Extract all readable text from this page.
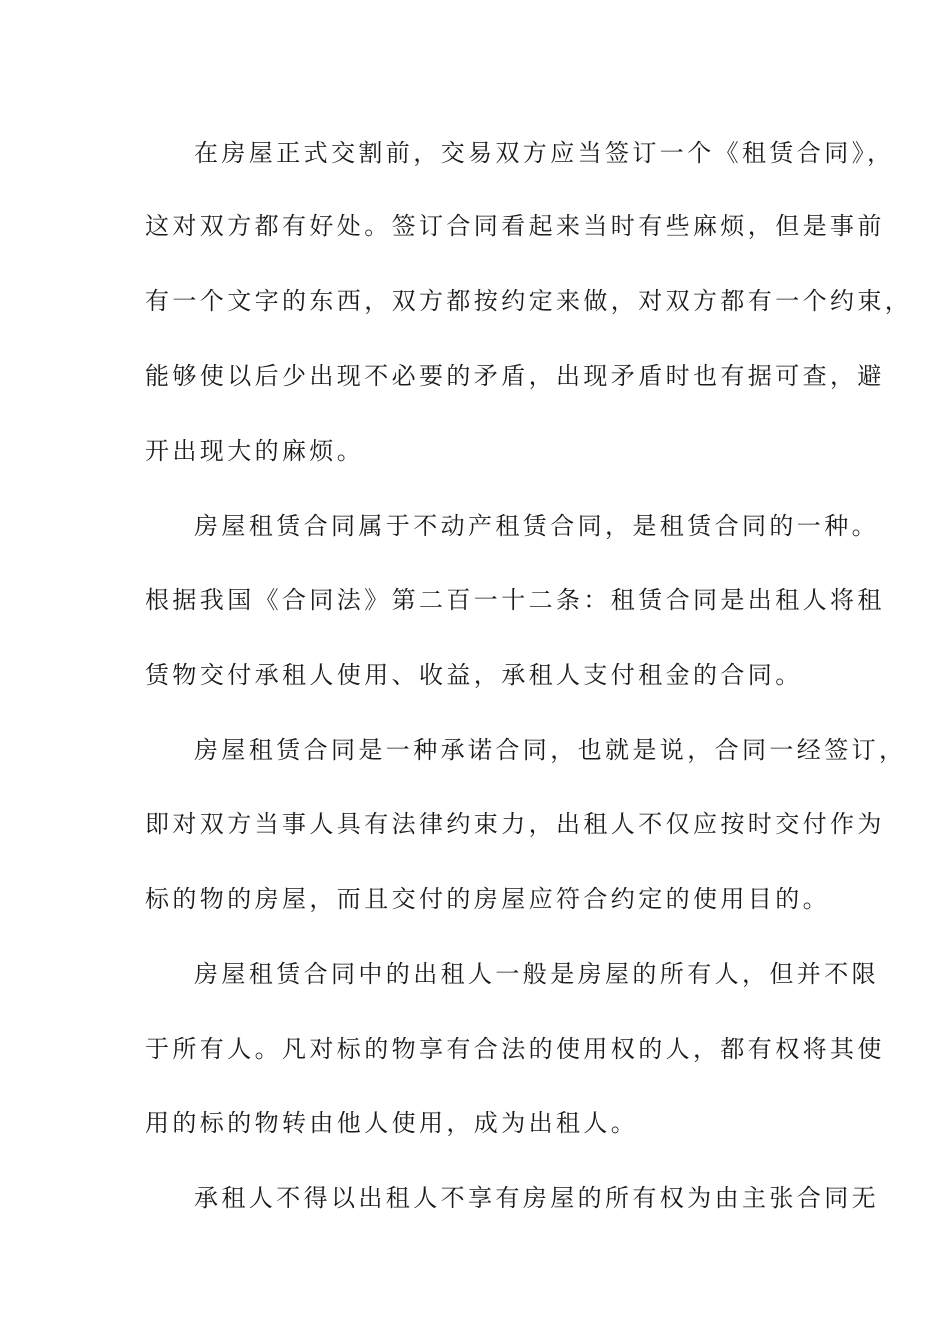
在房屋正式交割前，交易双方应当签订一个《租赁合同》，
这对双方都有好处。签订合同看起来当时有些麻烦，但是事前
有一个文字的东西，双方都按约定来做，对双方都有一个约束，
能够使以后少出现不必要的矛盾，出现矛盾时也有据可查，避
开出现大的麻烦。
房屋租赁合同属于不动产租赁合同，是租赁合同的一种。
根据我国《合同法》第二百一十二条：租赁合同是出租人将租
赁物交付承租人使用、收益，承租人支付租金的合同。
房屋租赁合同是一种承诺合同，也就是说，合同一经签订，
即对双方当事人具有法律约束力，出租人不仅应按时交付作为
标的物的房屋，而且交付的房屋应符合约定的使用目的。
房屋租赁合同中的出租人一般是房屋的所有人，但并不限
于所有人。凡对标的物享有合法的使用权的人，都有权将其使
用的标的物转由他人使用，成为出租人。
承租人不得以出租人不享有房屋的所有权为由主张合同无
